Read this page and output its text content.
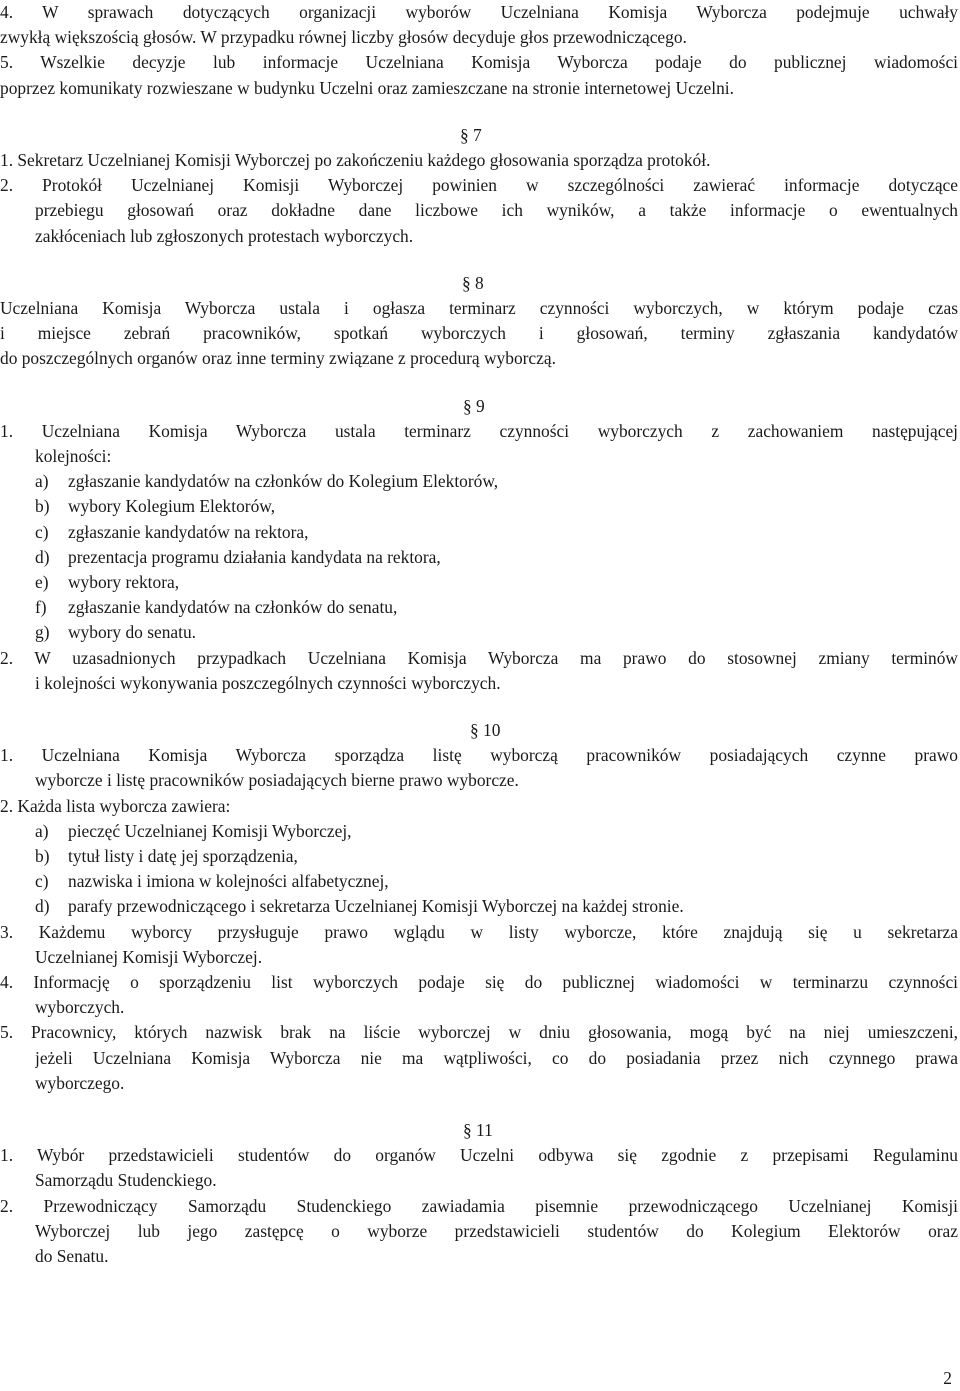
4. W sprawach dotyczących organizacji wyborów Uczelniana Komisja Wyborcza podejmuje uchwały
zwykłą większością głosów. W przypadku równej liczby głosów decyduje głos przewodniczącego.
5. Wszelkie decyzje lub informacje Uczelniana Komisja Wyborcza podaje do publicznej wiadomości
poprzez komunikaty rozwieszane w budynku Uczelni oraz zamieszczane na stronie internetowej Uczelni.
§ 7
1. Sekretarz Uczelnianej Komisji Wyborczej po zakończeniu każdego głosowania sporządza protokół.
2. Protokół Uczelnianej Komisji Wyborczej powinien w szczególności zawierać informacje dotyczące
przebiegu głosowań oraz dokładne dane liczbowe ich wyników, a także informacje o ewentualnych
zakłóceniach lub zgłoszonych protestach wyborczych.
§ 8
Uczelniana Komisja Wyborcza ustala i ogłasza terminarz czynności wyborczych, w którym podaje czas
i miejsce zebrań pracowników, spotkań wyborczych i głosowań, terminy zgłaszania kandydatów
do poszczególnych organów oraz inne terminy związane z procedurą wyborczą.
§ 9
1. Uczelniana Komisja Wyborcza ustala terminarz czynności wyborczych z zachowaniem następującej
kolejności:
a) zgłaszanie kandydatów na członków do Kolegium Elektorów,
b) wybory Kolegium Elektorów,
c) zgłaszanie kandydatów na rektora,
d) prezentacja programu działania kandydata na rektora,
e) wybory rektora,
f) zgłaszanie kandydatów na członków do senatu,
g) wybory do senatu.
2. W uzasadnionych przypadkach Uczelniana Komisja Wyborcza ma prawo do stosownej zmiany terminów
i kolejności wykonywania poszczególnych czynności wyborczych.
§ 10
1. Uczelniana Komisja Wyborcza sporządza listę wyborczą pracowników posiadających czynne prawo
wyborcze i listę pracowników posiadających bierne prawo wyborcze.
2. Każda lista wyborcza zawiera:
a) pieczęć Uczelnianej Komisji Wyborczej,
b) tytuł listy i datę jej sporządzenia,
c) nazwiska i imiona w kolejności alfabetycznej,
d) parafy przewodniczącego i sekretarza Uczelnianej Komisji Wyborczej na każdej stronie.
3. Każdemu wyborcy przysługuje prawo wglądu w listy wyborcze, które znajdują się u sekretarza
Uczelnianej Komisji Wyborczej.
4. Informację o sporządzeniu list wyborczych podaje się do publicznej wiadomości w terminarzu czynności
wyborczych.
5. Pracownicy, których nazwisk brak na liście wyborczej w dniu głosowania, mogą być na niej umieszczeni,
jeżeli Uczelniana Komisja Wyborcza nie ma wątpliwości, co do posiadania przez nich czynnego prawa
wyborczego.
§ 11
1. Wybór przedstawicieli studentów do organów Uczelni odbywa się zgodnie z przepisami Regulaminu
Samorządu Studenckiego.
2. Przewodniczący Samorządu Studenckiego zawiadamia pisemnie przewodniczącego Uczelnianej Komisji
Wyborczej lub jego zastępcę o wyborze przedstawicieli studentów do Kolegium Elektorów oraz
do Senatu.
2
